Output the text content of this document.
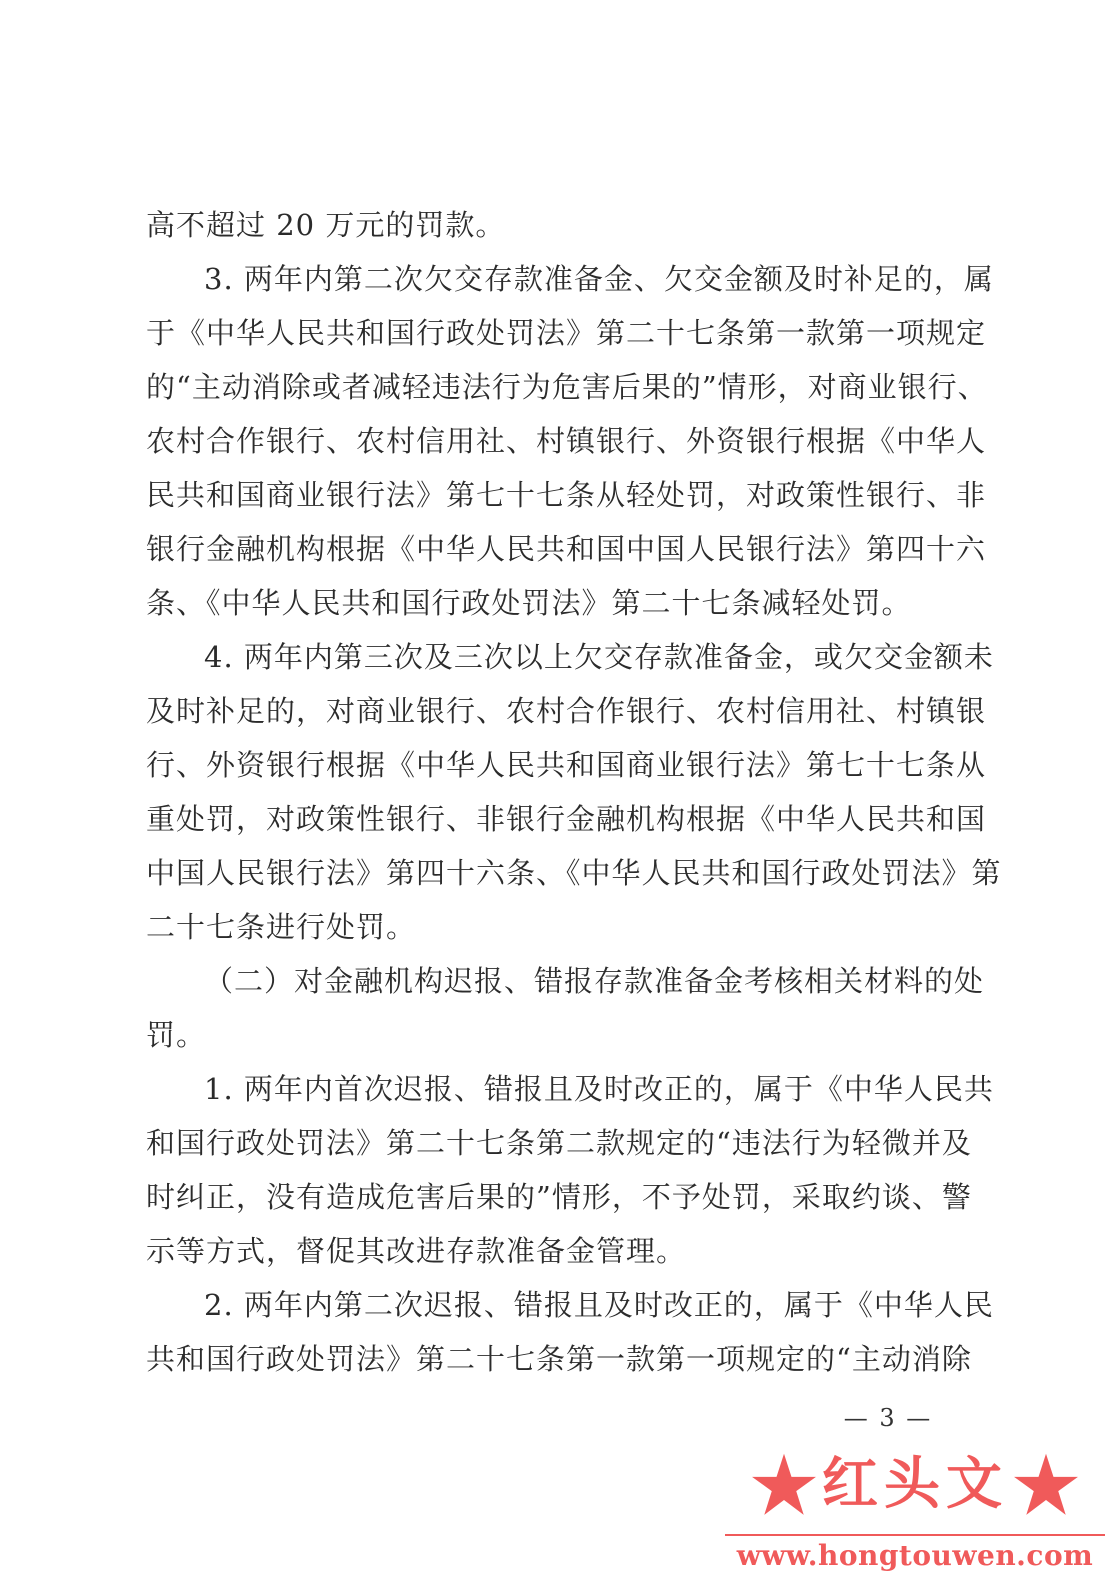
高不超过 20 万元的罚款。
3. 两年内第二次欠交存款准备金、欠交金额及时补足的，属
于《中华人民共和国行政处罚法》第二十七条第一款第一项规定
的“主动消除或者减轻违法行为危害后果的”情形，对商业银行、
农村合作银行、农村信用社、村镇银行、外资银行根据《中华人
民共和国商业银行法》第七十七条从轻处罚，对政策性银行、非
银行金融机构根据《中华人民共和国中国人民银行法》第四十六
条、《中华人民共和国行政处罚法》第二十七条减轻处罚。
4. 两年内第三次及三次以上欠交存款准备金，或欠交金额未
及时补足的，对商业银行、农村合作银行、农村信用社、村镇银
行、外资银行根据《中华人民共和国商业银行法》第七十七条从
重处罚，对政策性银行、非银行金融机构根据《中华人民共和国
中国人民银行法》第四十六条、《中华人民共和国行政处罚法》第
二十七条进行处罚。
（二）对金融机构迟报、错报存款准备金考核相关材料的处
罚。
1. 两年内首次迟报、错报且及时改正的，属于《中华人民共
和国行政处罚法》第二十七条第二款规定的“违法行为轻微并及
时纠正，没有造成危害后果的”情形，不予处罚，采取约谈、警
示等方式，督促其改进存款准备金管理。
2. 两年内第二次迟报、错报且及时改正的，属于《中华人民
共和国行政处罚法》第二十七条第一款第一项规定的“主动消除
— 3 —
红头文
www.hongtouwen.com
